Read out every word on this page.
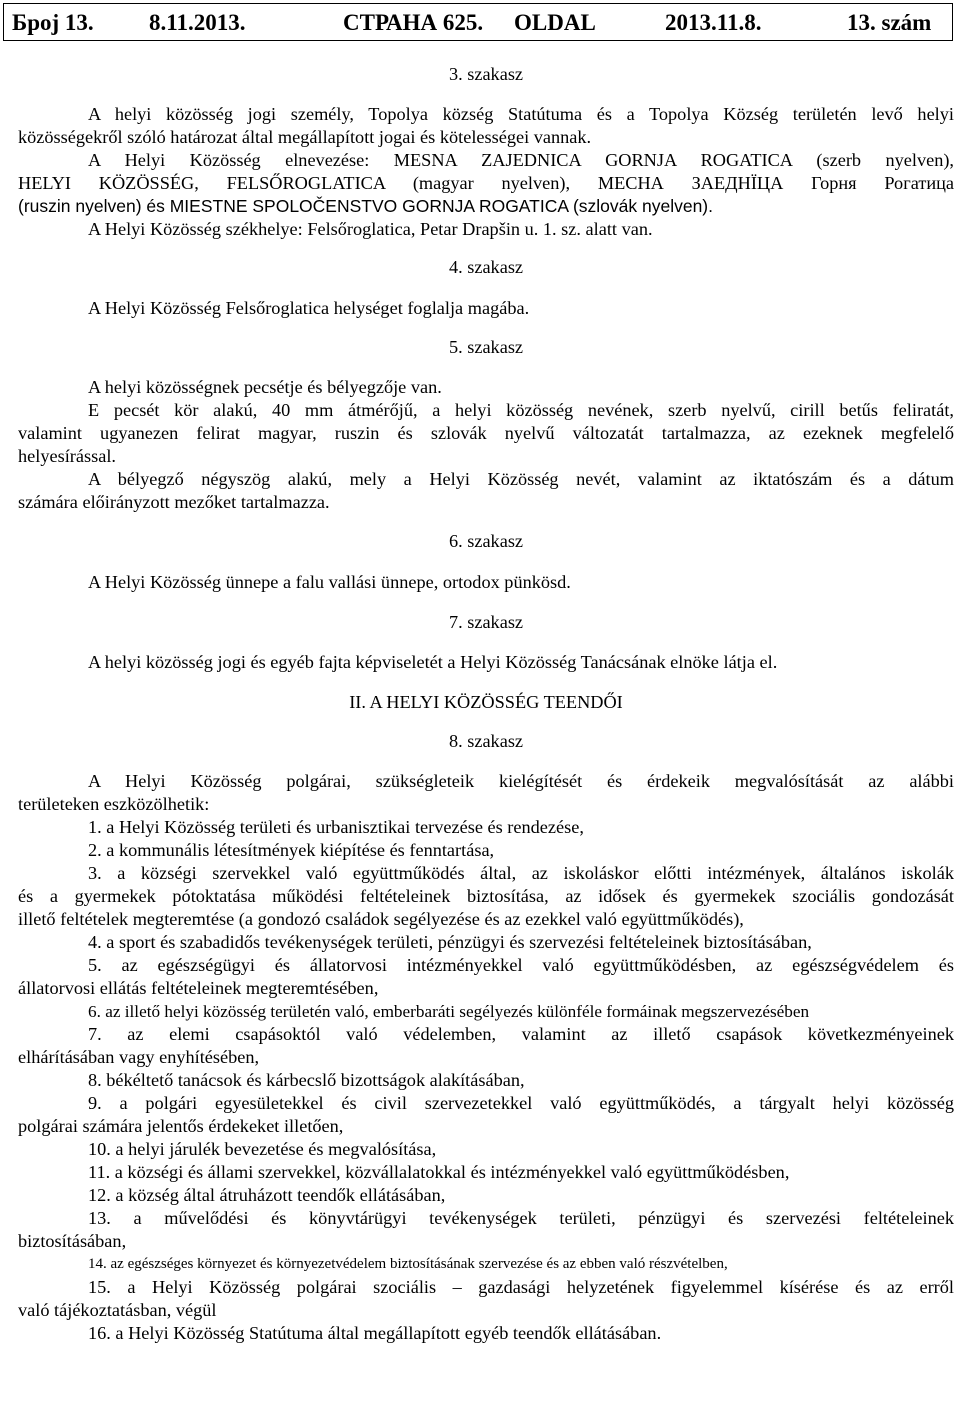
Број 13. 8.11.2013.	СТРАНА 625. OLDAL	2013.11.8.	13. szám

3. szakasz

A helyi közösség jogi személy, Topolya község Statútuma és a Topolya Község területén levő helyi

közösségekről szóló határozat által megállapított jogai és kötelességei vannak.

A Helyi Közösség elnevezése: MESNA ZAJEDNICA GORNJA ROGATICA (szerb nyelven),

HELYI KÖZÖSSÉG, FELSŐROGLATICA (magyar nyelven), МЕСНА ЗАЕДНЇЦА Горня Рогатица

(ruszin nyelven) és MIESTNE SPOLOČENSTVO GORNJA ROGATICA (szlovák nyelven).

A Helyi Közösség székhelye: Felsőroglatica, Petar Drapšin u. 1. sz. alatt van.

4. szakasz

A Helyi Közösség Felsőroglatica helységet foglalja magába.

5. szakasz

A helyi közösségnek pecsétje és bélyegzője van.

E pecsét kör alakú, 40 mm átmérőjű, a helyi közösség nevének, szerb nyelvű, cirill betűs feliratát,

valamint ugyanezen felirat magyar, ruszin és szlovák nyelvű változatát tartalmazza, az ezeknek megfelelő

helyesírással.

A bélyegző négyszög alakú, mely a Helyi Közösség nevét, valamint az iktatószám és a dátum

számára előirányzott mezőket tartalmazza.

6. szakasz

A Helyi Közösség ünnepe a falu vallási ünnepe, ortodox pünkösd.

7. szakasz

A helyi közösség jogi és egyéb fajta képviseletét a Helyi Közösség Tanácsának elnöke látja el.

II. A HELYI KÖZÖSSÉG TEENDŐI

8. szakasz

A Helyi Közösség polgárai, szükségleteik kielégítését és érdekeik megvalósítását az alábbi

területeken eszközölhetik:

1. a Helyi Közösség területi és urbanisztikai tervezése és rendezése,

2. a kommunális létesítmények kiépítése és fenntartása,

3. a községi szervekkel való együttműködés által, az iskoláskor előtti intézmények, általános iskolák

és a gyermekek pótoktatása működési feltételeinek biztosítása, az idősek és gyermekek szociális gondozását

illető feltételek megteremtése (a gondozó családok segélyezése és az ezekkel való együttműködés),

4. a sport és szabadidős tevékenységek területi, pénzügyi és szervezési feltételeinek biztosításában,

5. az egészségügyi és állatorvosi intézményekkel való együttműködésben, az egészségvédelem és

állatorvosi ellátás feltételeinek megteremtésében,

6. az illető helyi közösség területén való, emberbaráti segélyezés különféle formáinak megszervezésében

7. az elemi csapásoktól való védelemben, valamint az illető csapások következményeinek

elhárításában vagy enyhítésében,

8. békéltető tanácsok és kárbecslő bizottságok alakításában,

9. a polgári egyesületekkel és civil szervezetekkel való együttműködés, a tárgyalt helyi közösség

polgárai számára jelentős érdekeket illetően,

10. a helyi járulék bevezetése és megvalósítása,

11. a községi és állami szervekkel, közvállalatokkal és intézményekkel való együttműködésben,

12. a község által átruházott teendők ellátásában,

13. a művelődési és könyvtárügyi tevékenységek területi, pénzügyi és szervezési feltételeinek

biztosításában,

14. az egészséges környezet és környezetvédelem biztosításának szervezése és az ebben való részvételben,

15. a Helyi Közösség polgárai szociális – gazdasági helyzetének figyelemmel kísérése és az erről

való tájékoztatásban, végül

16. a Helyi Közösség Statútuma által megállapított egyéb teendők ellátásában.
